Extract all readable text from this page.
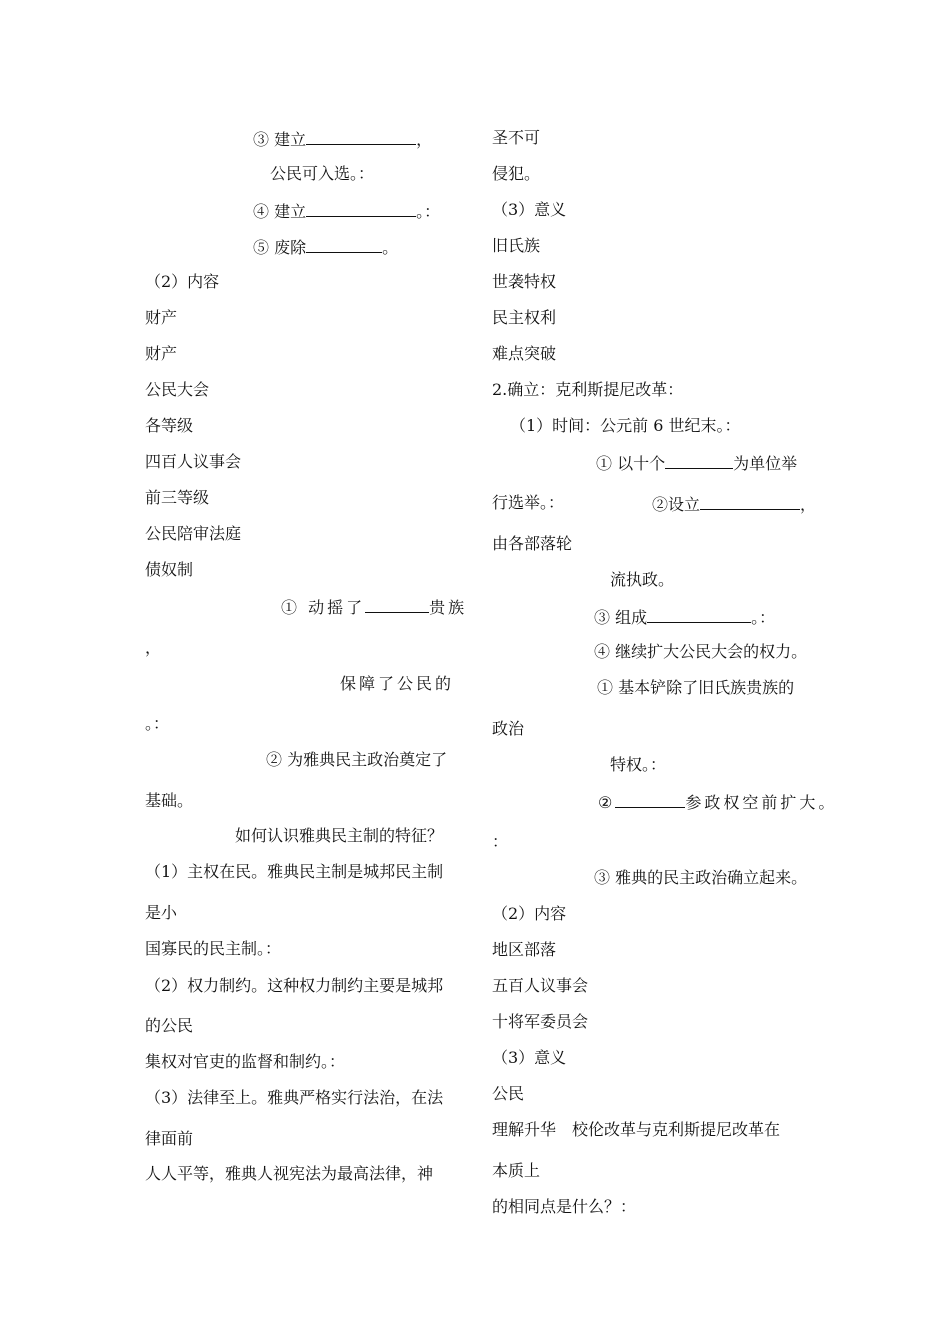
③ 建立	，
公民可入选。：
④ 建立	。：
⑤ 废除	。
（2）内容
财产
财产
公民大会
各等级
四百人议事会
前三等级
公民陪审法庭
债奴制
① 动摇了	贵族
，
保障了公民的
。：
② 为雅典民主政治奠定了
基础。
如何认识雅典民主制的特征？
（1）主权在民。雅典民主制是城邦民主制
是小
国寡民的民主制。：
（2）权力制约。这种权力制约主要是城邦
的公民
集权对官吏的监督和制约。：
（3）法律至上。雅典严格实行法治，在法
律面前
人人平等，雅典人视宪法为最高法律，神
圣不可
侵犯。
（3）意义
旧氏族
世袭特权
民主权利
难点突破
2.确立：克利斯提尼改革：
（1）时间：公元前 6 世纪末。：
① 以十个	为单位举
行选举。：	②设立	，
由各部落轮
流执政。
③ 组成	。：
④ 继续扩大公民大会的权力。
① 基本铲除了旧氏族贵族的
政治
特权。：
②	参政权空前扩大。
：
③ 雅典的民主政治确立起来。
（2）内容
地区部落
五百人议事会
十将军委员会
（3）意义
公民
理解升华　校伦改革与克利斯提尼改革在
本质上
的相同点是什么？：
